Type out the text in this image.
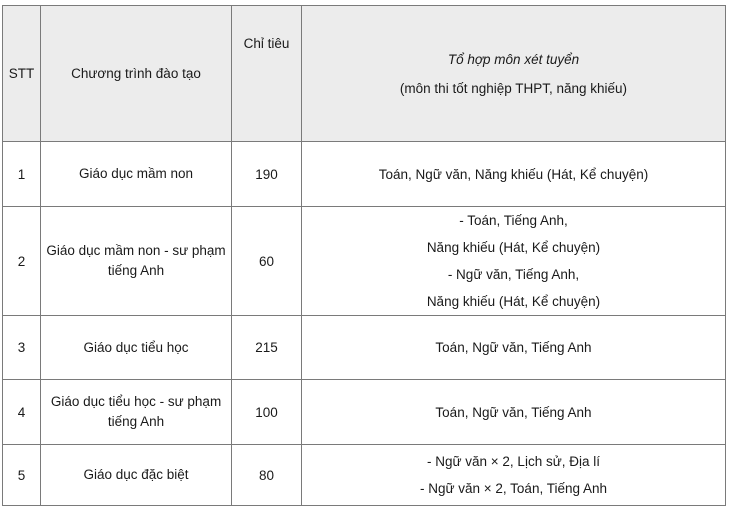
STT	Chương trình đào tạo	Chỉ tiêu	Tổ hợp môn xét tuyển
(môn thi tốt nghiệp THPT, năng khiếu)

1	Giáo dục mầm non	190	Toán, Ngữ văn, Năng khiếu (Hát, Kể chuyện)

2	Giáo dục mầm non - sư phạm tiếng Anh	60	- Toán, Tiếng Anh,
Năng khiếu (Hát, Kể chuyện)
- Ngữ văn, Tiếng Anh,
Năng khiếu (Hát, Kể chuyện)

3	Giáo dục tiểu học	215	Toán, Ngữ văn, Tiếng Anh

4	Giáo dục tiểu học - sư phạm tiếng Anh	100	Toán, Ngữ văn, Tiếng Anh

5	Giáo dục đặc biệt	80	- Ngữ văn × 2, Lịch sử, Địa lí
- Ngữ văn × 2, Toán, Tiếng Anh
